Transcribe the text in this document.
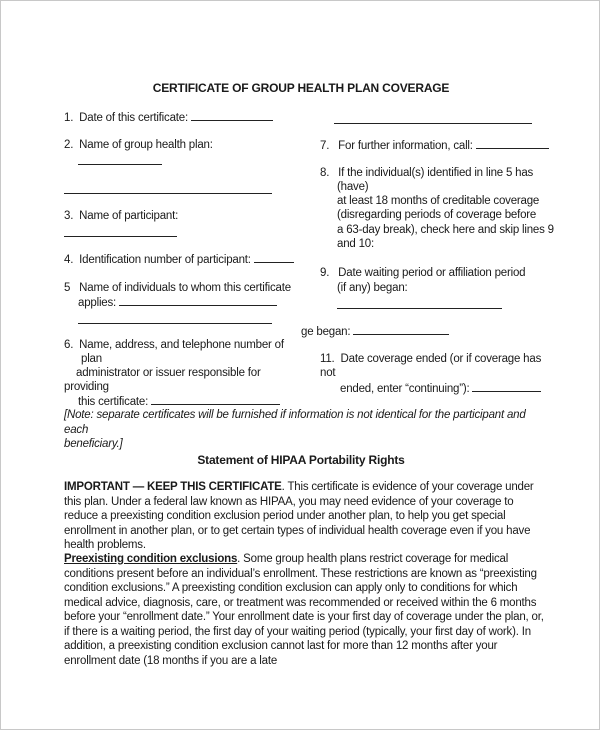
CERTIFICATE OF GROUP HEALTH PLAN COVERAGE
1.  Date of this certificate:
2.  Name of group health plan:
3.  Name of participant:
4.  Identification number of participant:
5   Name of individuals to whom this certificate
applies:
6.  Name, address, and telephone number of
plan
administrator or issuer responsible for
providing
this certificate:
7.   For further information, call:
8.   If the individual(s) identified in line 5 has
(have)
at least 18 months of creditable coverage
(disregarding periods of coverage before
a 63-day break), check here and skip lines 9
and 10:
9.   Date waiting period or affiliation period
(if any) began:
ge began:
11.  Date coverage ended (or if coverage has
not
ended, enter “continuing”):
[Note: separate certificates will be furnished if information is not identical for the participant and each
beneficiary.]
Statement of HIPAA Portability Rights
IMPORTANT — KEEP THIS CERTIFICATE. This certificate is evidence of your coverage under this plan. Under a federal law known as HIPAA, you may need evidence of your coverage to reduce a preexisting condition exclusion period under another plan, to help you get special enrollment in another plan, or to get certain types of individual health coverage even if you have health problems.
Preexisting condition exclusions. Some group health plans restrict coverage for medical conditions present before an individual’s enrollment. These restrictions are known as “preexisting condition exclusions.” A preexisting condition exclusion can apply only to conditions for which medical advice, diagnosis, care, or treatment was recommended or received within the 6 months before your “enrollment date.” Your enrollment date is your first day of coverage under the plan, or, if there is a waiting period, the first day of your waiting period (typically, your first day of work). In addition, a preexisting condition exclusion cannot last for more than 12 months after your enrollment date (18 months if you are a late
